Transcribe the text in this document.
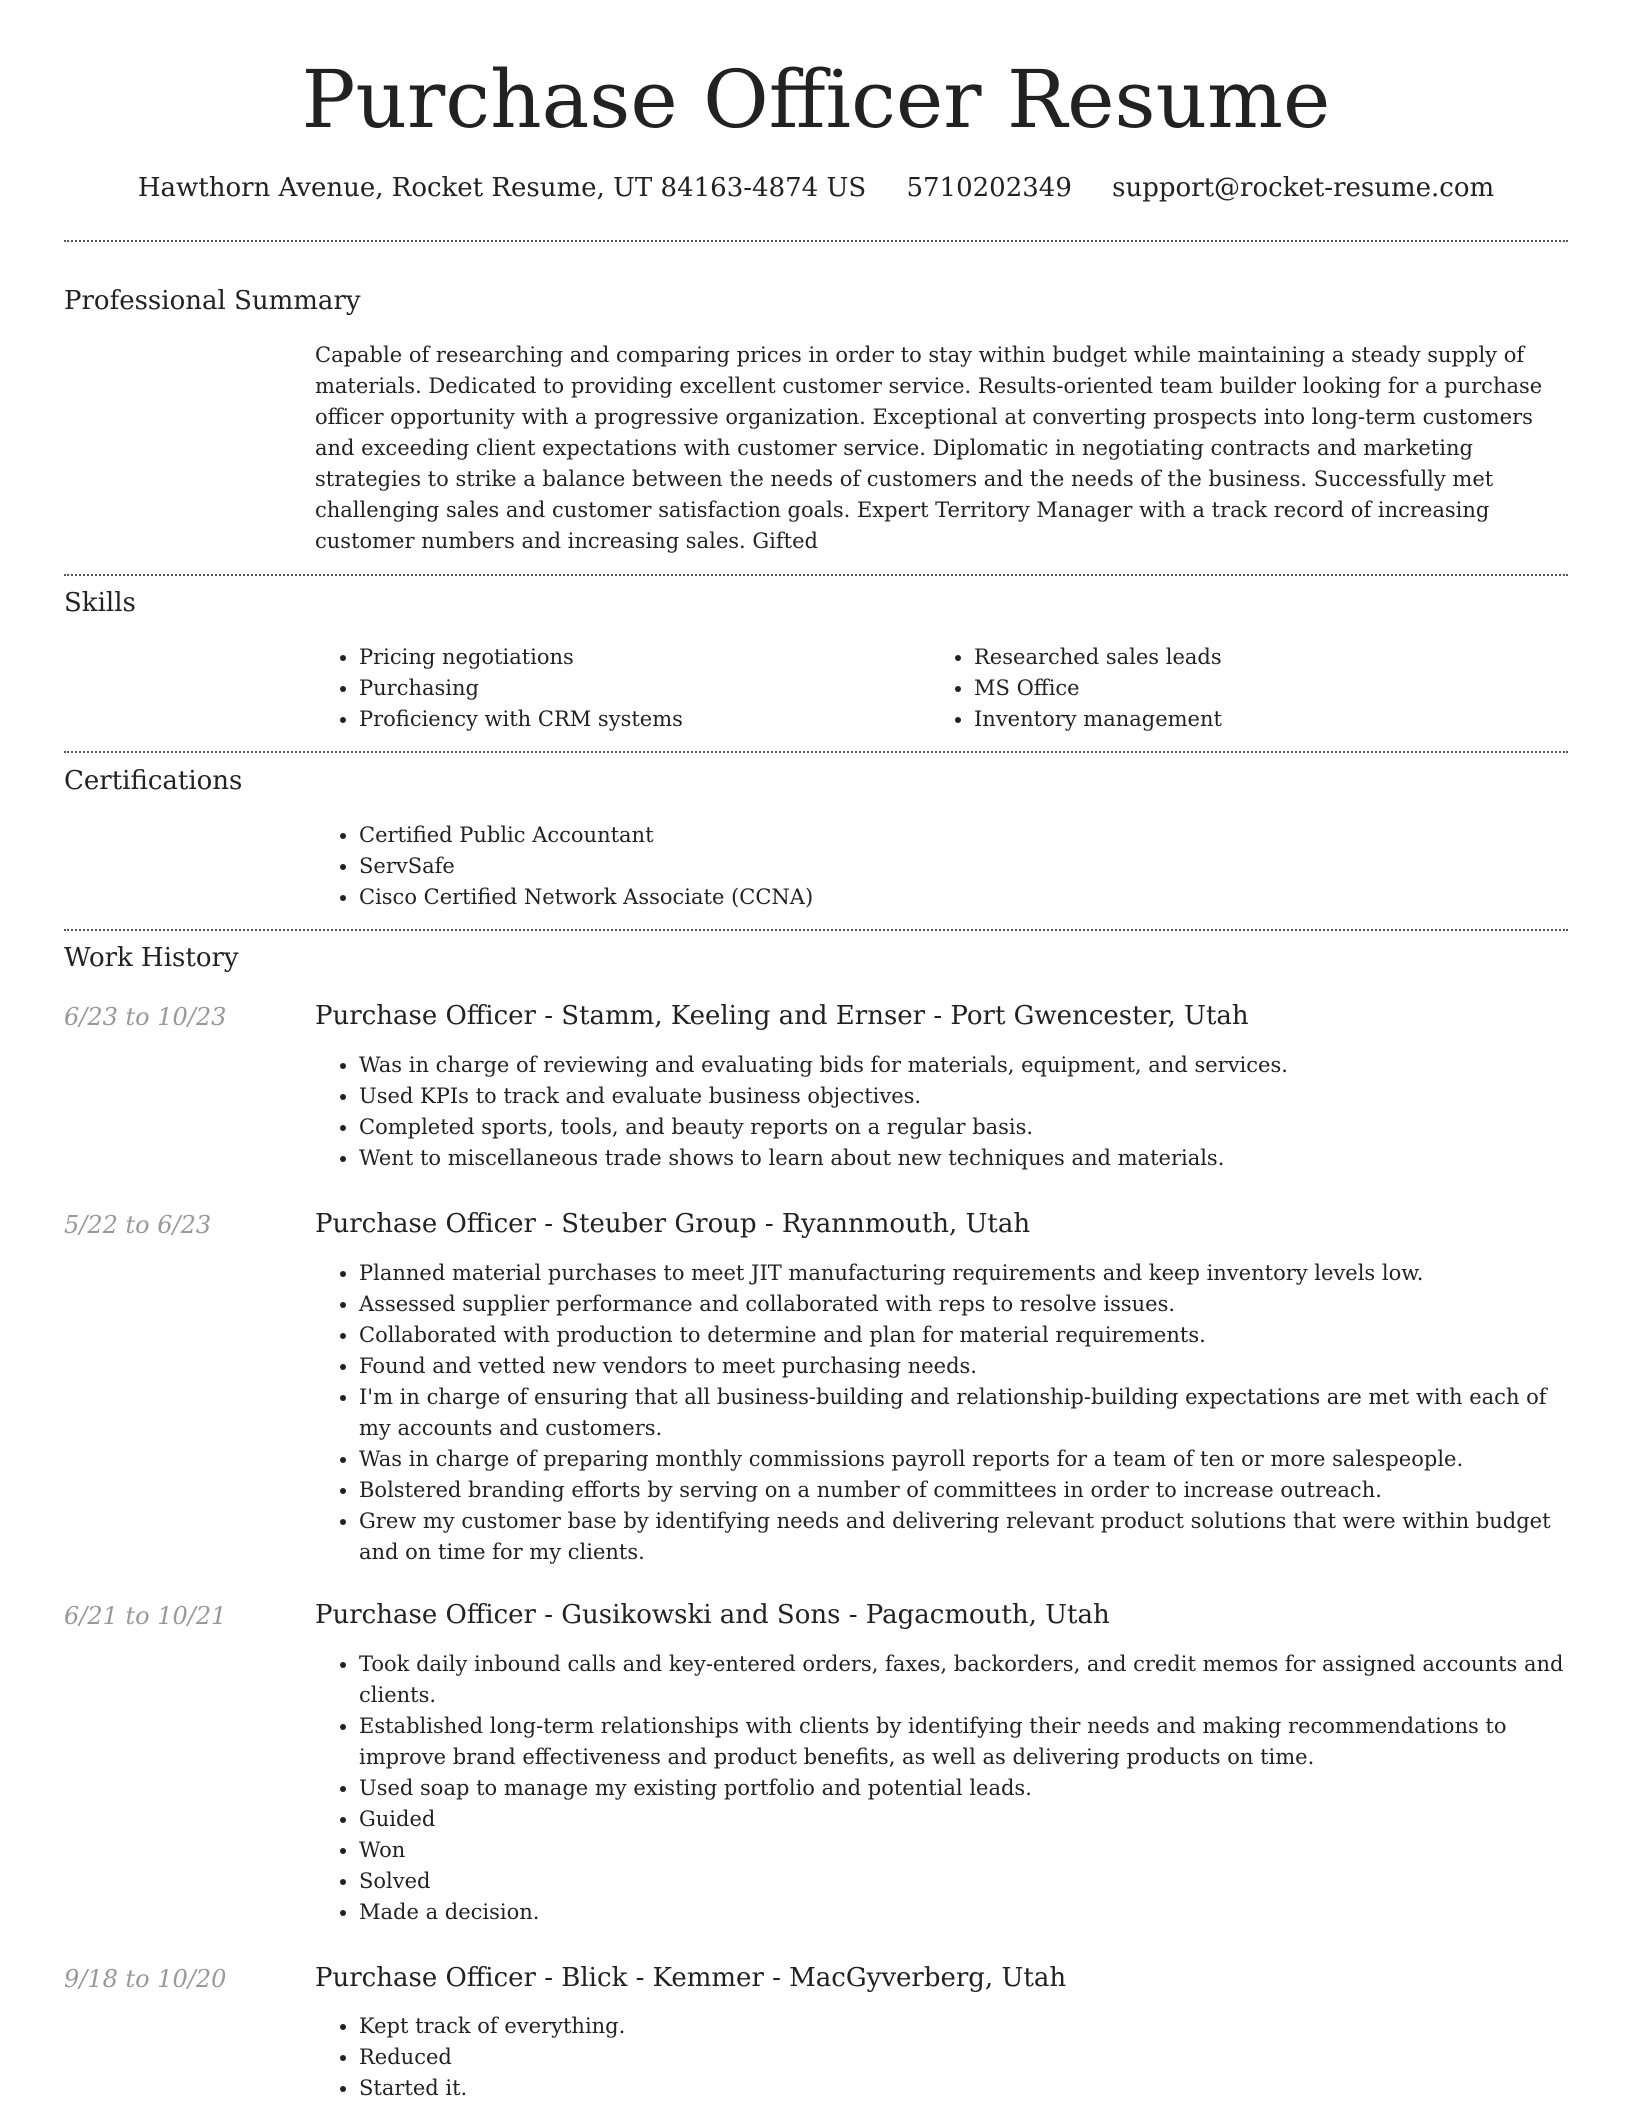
Purchase Officer Resume
Hawthorn Avenue, Rocket Resume, UT 84163-4874 US 5710202349 support@rocket-resume.com
Professional Summary
Capable of researching and comparing prices in order to stay within budget while maintaining a steady supply of materials. Dedicated to providing excellent customer service. Results-oriented team builder looking for a purchase officer opportunity with a progressive organization. Exceptional at converting prospects into long-term customers and exceeding client expectations with customer service. Diplomatic in negotiating contracts and marketing strategies to strike a balance between the needs of customers and the needs of the business. Successfully met challenging sales and customer satisfaction goals. Expert Territory Manager with a track record of increasing customer numbers and increasing sales. Gifted
Skills
• Pricing negotiations
• Purchasing
• Proficiency with CRM systems
• Researched sales leads
• MS Office
• Inventory management
Certifications
• Certified Public Accountant
• ServSafe
• Cisco Certified Network Associate (CCNA)
Work History
6/23 to 10/23	Purchase Officer - Stamm, Keeling and Ernser - Port Gwencester, Utah
• Was in charge of reviewing and evaluating bids for materials, equipment, and services.
• Used KPIs to track and evaluate business objectives.
• Completed sports, tools, and beauty reports on a regular basis.
• Went to miscellaneous trade shows to learn about new techniques and materials.
5/22 to 6/23	Purchase Officer - Steuber Group - Ryannmouth, Utah
• Planned material purchases to meet JIT manufacturing requirements and keep inventory levels low.
• Assessed supplier performance and collaborated with reps to resolve issues.
• Collaborated with production to determine and plan for material requirements.
• Found and vetted new vendors to meet purchasing needs.
• I'm in charge of ensuring that all business-building and relationship-building expectations are met with each of my accounts and customers.
• Was in charge of preparing monthly commissions payroll reports for a team of ten or more salespeople.
• Bolstered branding efforts by serving on a number of committees in order to increase outreach.
• Grew my customer base by identifying needs and delivering relevant product solutions that were within budget and on time for my clients.
6/21 to 10/21	Purchase Officer - Gusikowski and Sons - Pagacmouth, Utah
• Took daily inbound calls and key-entered orders, faxes, backorders, and credit memos for assigned accounts and clients.
• Established long-term relationships with clients by identifying their needs and making recommendations to improve brand effectiveness and product benefits, as well as delivering products on time.
• Used soap to manage my existing portfolio and potential leads.
• Guided
• Won
• Solved
• Made a decision.
9/18 to 10/20	Purchase Officer - Blick - Kemmer - MacGyverberg, Utah
• Kept track of everything.
• Reduced
• Started it.
